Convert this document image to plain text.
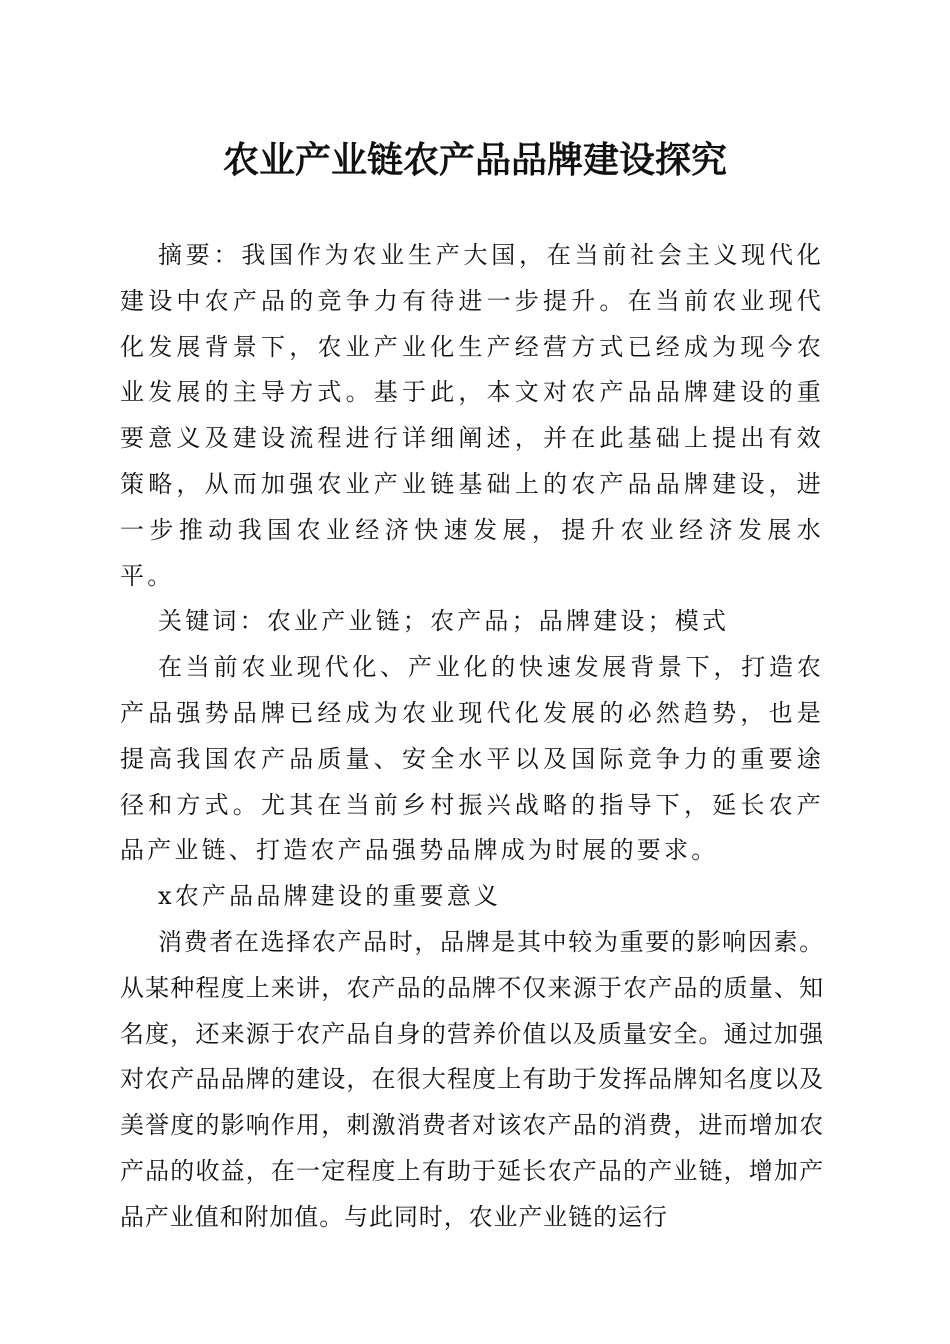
农业产业链农产品品牌建设探究

摘要：我国作为农业生产大国，在当前社会主义现代化建设中农产品的竞争力有待进一步提升。在当前农业现代化发展背景下，农业产业化生产经营方式已经成为现今农业发展的主导方式。基于此，本文对农产品品牌建设的重要意义及建设流程进行详细阐述，并在此基础上提出有效策略，从而加强农业产业链基础上的农产品品牌建设，进一步推动我国农业经济快速发展，提升农业经济发展水平。

关键词：农业产业链；农产品；品牌建设；模式

在当前农业现代化、产业化的快速发展背景下，打造农产品强势品牌已经成为农业现代化发展的必然趋势，也是提高我国农产品质量、安全水平以及国际竞争力的重要途径和方式。尤其在当前乡村振兴战略的指导下，延长农产品产业链、打造农产品强势品牌成为时展的要求。

x农产品品牌建设的重要意义

消费者在选择农产品时，品牌是其中较为重要的影响因素。从某种程度上来讲，农产品的品牌不仅来源于农产品的质量、知名度，还来源于农产品自身的营养价值以及质量安全。通过加强对农产品品牌的建设，在很大程度上有助于发挥品牌知名度以及美誉度的影响作用，刺激消费者对该农产品的消费，进而增加农产品的收益，在一定程度上有助于延长农产品的产业链，增加产品产业值和附加值。与此同时，农业产业链的运行
